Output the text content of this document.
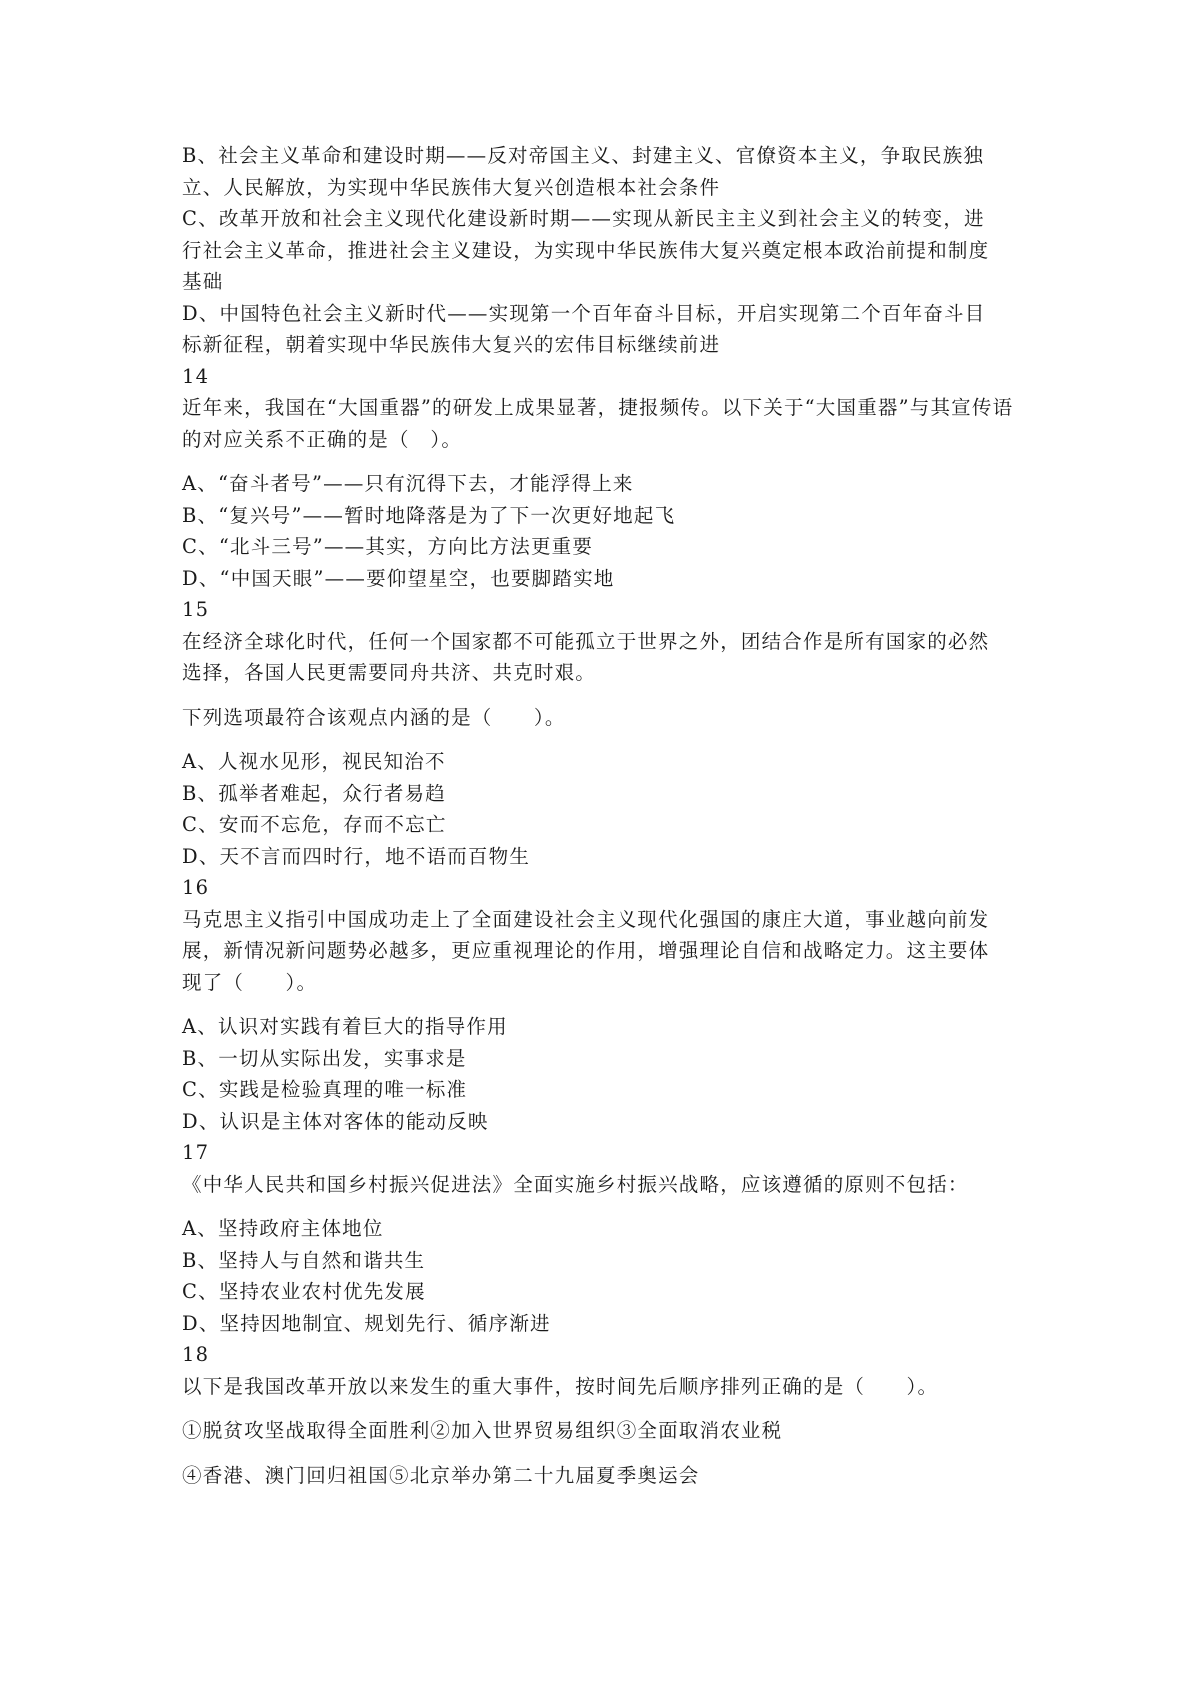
B、社会主义革命和建设时期——反对帝国主义、封建主义、官僚资本主义，争取民族独
立、人民解放，为实现中华民族伟大复兴创造根本社会条件
C、改革开放和社会主义现代化建设新时期——实现从新民主主义到社会主义的转变，进
行社会主义革命，推进社会主义建设，为实现中华民族伟大复兴奠定根本政治前提和制度
基础
D、中国特色社会主义新时代——实现第一个百年奋斗目标，开启实现第二个百年奋斗目
标新征程，朝着实现中华民族伟大复兴的宏伟目标继续前进
14
近年来，我国在“大国重器”的研发上成果显著，捷报频传。以下关于“大国重器”与其宣传语
的对应关系不正确的是（　）。
A、“奋斗者号”——只有沉得下去，才能浮得上来
B、“复兴号”——暂时地降落是为了下一次更好地起飞
C、“北斗三号”——其实，方向比方法更重要
D、“中国天眼”——要仰望星空，也要脚踏实地
15
在经济全球化时代，任何一个国家都不可能孤立于世界之外，团结合作是所有国家的必然
选择，各国人民更需要同舟共济、共克时艰。
下列选项最符合该观点内涵的是（　　）。
A、人视水见形，视民知治不
B、孤举者难起，众行者易趋
C、安而不忘危，存而不忘亡
D、天不言而四时行，地不语而百物生
16
马克思主义指引中国成功走上了全面建设社会主义现代化强国的康庄大道，事业越向前发
展，新情况新问题势必越多，更应重视理论的作用，增强理论自信和战略定力。这主要体
现了（　　）。
A、认识对实践有着巨大的指导作用
B、一切从实际出发，实事求是
C、实践是检验真理的唯一标准
D、认识是主体对客体的能动反映
17
《中华人民共和国乡村振兴促进法》全面实施乡村振兴战略，应该遵循的原则不包括：
A、坚持政府主体地位
B、坚持人与自然和谐共生
C、坚持农业农村优先发展
D、坚持因地制宜、规划先行、循序渐进
18
以下是我国改革开放以来发生的重大事件，按时间先后顺序排列正确的是（　　）。
①脱贫攻坚战取得全面胜利②加入世界贸易组织③全面取消农业税
④香港、澳门回归祖国⑤北京举办第二十九届夏季奥运会
